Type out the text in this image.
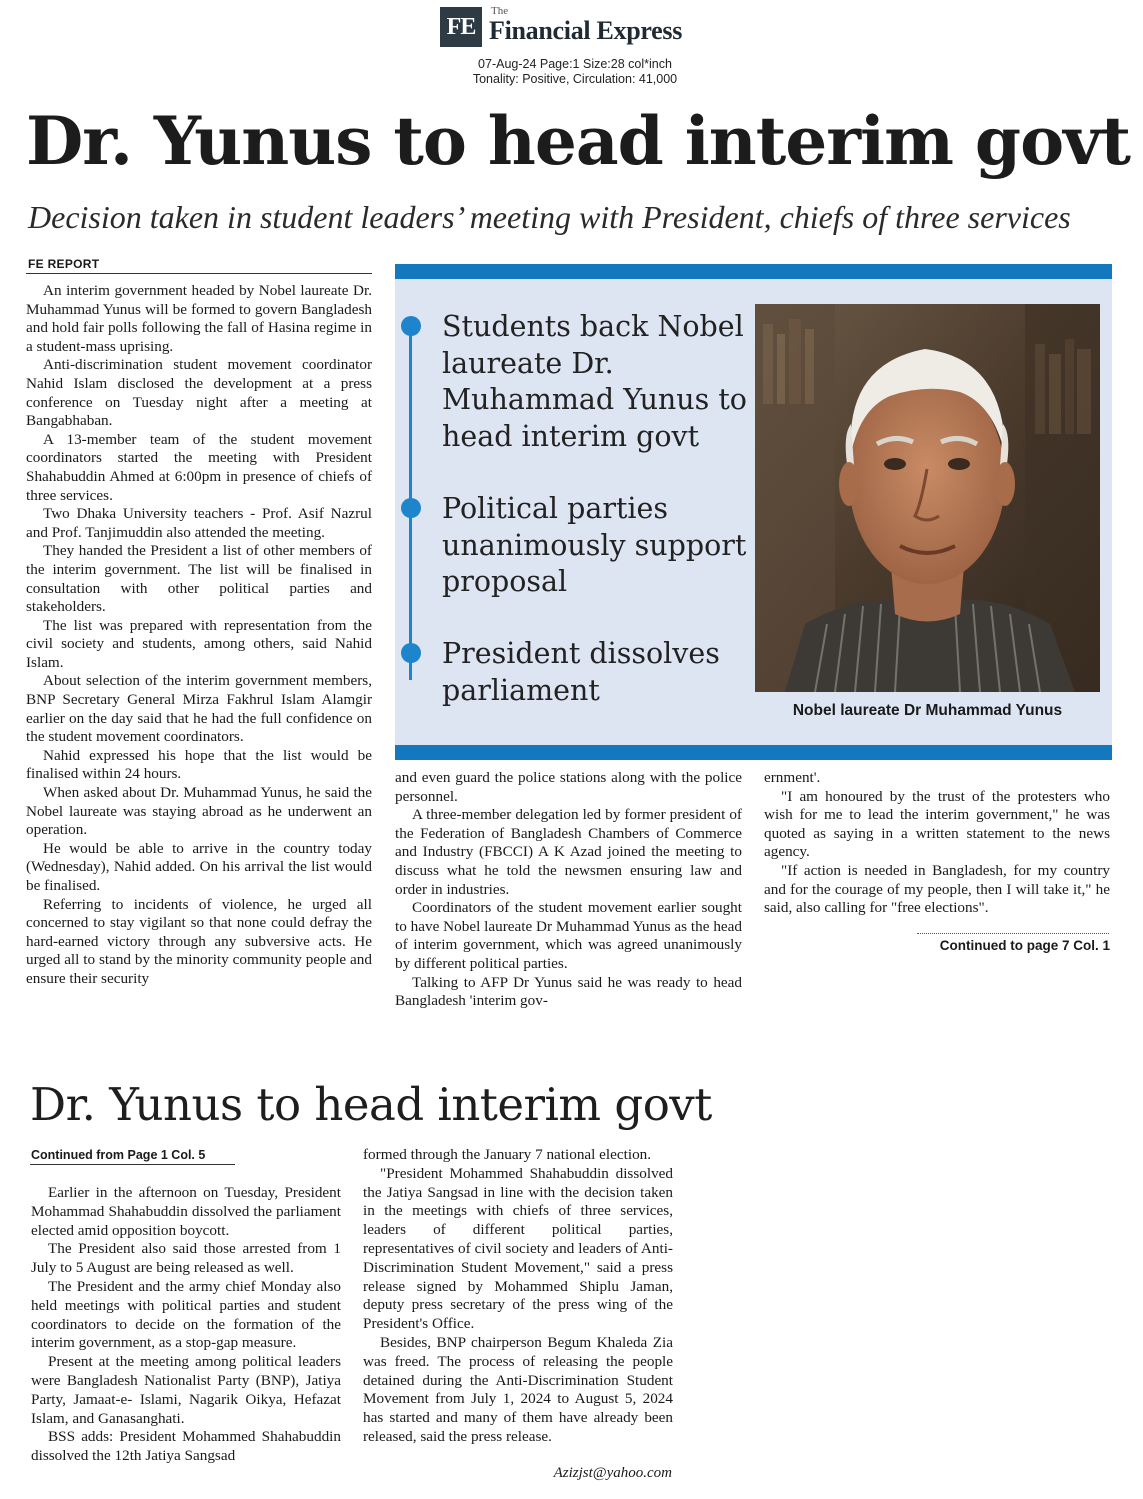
FE
The
Financial Express
07-Aug-24 Page:1 Size:28 col*inch
Tonality: Positive, Circulation: 41,000
Dr. Yunus to head interim govt
Decision taken in student leaders’ meeting with President, chiefs of three services
FE REPORT

An interim government headed by Nobel laureate Dr. Muhammad Yunus will be formed to govern Bangladesh and hold fair polls following the fall of Hasina regime in a student-mass uprising.

Anti-discrimination student movement coordinator Nahid Islam disclosed the development at a press conference on Tuesday night after a meeting at Bangabhaban.

A 13-member team of the student movement coordinators started the meeting with President Shahabuddin Ahmed at 6:00pm in presence of chiefs of three services.

Two Dhaka University teachers - Prof. Asif Nazrul and Prof. Tanjimuddin also attended the meeting.

They handed the President a list of other members of the interim government. The list will be finalised in consultation with other political parties and stakeholders.

The list was prepared with representation from the civil society and students, among others, said Nahid Islam.

About selection of the interim government members, BNP Secretary General Mirza Fakhrul Islam Alamgir earlier on the day said that he had the full confidence on the student movement coordinators.

Nahid expressed his hope that the list would be finalised within 24 hours.

When asked about Dr. Muhammad Yunus, he said the Nobel laureate was staying abroad as he underwent an operation.

He would be able to arrive in the country today (Wednesday), Nahid added. On his arrival the list would be finalised.

Referring to incidents of violence, he urged all concerned to stay vigilant so that none could defray the hard-earned victory through any subversive acts. He urged all to stand by the minority community people and ensure their security

Students back Nobel laureate Dr. Muhammad Yunus to head interim govt
Political parties unanimously support proposal
President dissolves parliament
Nobel laureate Dr Muhammad Yunus

and even guard the police stations along with the police personnel.

A three-member delegation led by former president of the Federation of Bangladesh Chambers of Commerce and Industry (FBCCI) A K Azad joined the meeting to discuss what he told the newsmen ensuring law and order in industries.

Coordinators of the student movement earlier sought to have Nobel laureate Dr Muhammad Yunus as the head of interim government, which was agreed unanimously by different political parties.

Talking to AFP Dr Yunus said he was ready to head Bangladesh 'interim gov-

ernment'.

"I am honoured by the trust of the protesters who wish for me to lead the interim government," he was quoted as saying in a written statement to the news agency.

"If action is needed in Bangladesh, for my country and for the courage of my people, then I will take it," he said, also calling for "free elections".

Continued to page 7 Col. 1
Dr. Yunus to head interim govt
Continued from Page 1 Col. 5

Earlier in the afternoon on Tuesday, President Mohammad Shahabuddin dissolved the parliament elected amid opposition boycott.

The President also said those arrested from 1 July to 5 August are being released as well.

The President and the army chief Monday also held meetings with political parties and student coordinators to decide on the formation of the interim government, as a stop-gap measure.

Present at the meeting among political leaders were Bangladesh Nationalist Party (BNP), Jatiya Party, Jamaat-e- Islami, Nagarik Oikya, Hefazat Islam, and Ganasanghati.

BSS adds: President Mohammed Shahabuddin dissolved the 12th Jatiya Sangsad

formed through the January 7 national election.

"President Mohammed Shahabuddin dissolved the Jatiya Sangsad in line with the decision taken in the meetings with chiefs of three services, leaders of different political parties, representatives of civil society and leaders of Anti-Discrimination Student Movement," said a press release signed by Mohammed Shiplu Jaman, deputy press secretary of the press wing of the President's Office.

Besides, BNP chairperson Begum Khaleda Zia was freed. The process of releasing the people detained during the Anti-Discrimination Student Movement from July 1, 2024 to August 5, 2024 has started and many of them have already been released, said the press release.

Azizjst@yahoo.com
